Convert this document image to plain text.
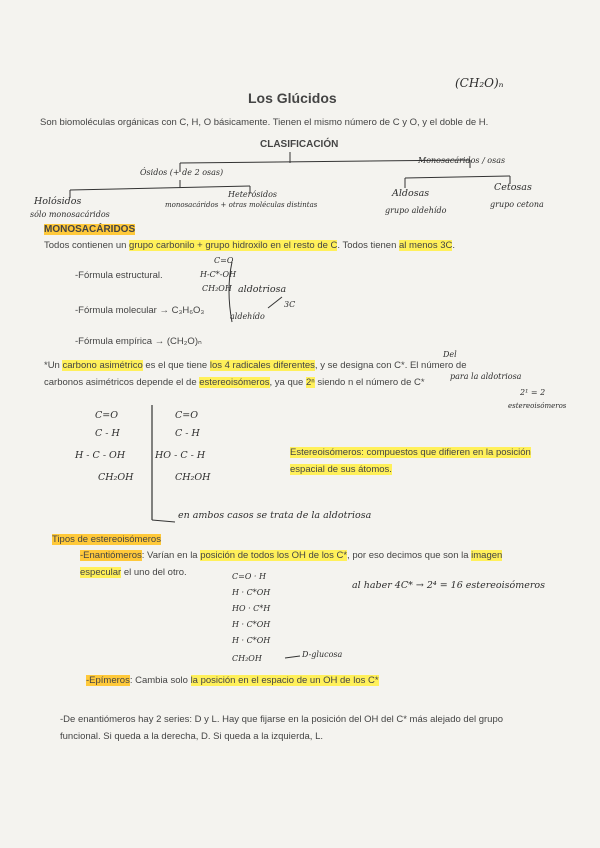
Los Glúcidos
(CH₂O)ₙ
Son biomoléculas orgánicas con C, H, O básicamente. Tienen el mismo número de C y O, y el doble de H.
CLASIFICACIÓN
Ósidos (+ de 2 osas)
Monosacáridos / osas
Holósidos
sólo monosacáridos
Heterósidos
monosacáridos + otras moléculas distintas
Aldosas
grupo aldehído
Cetosas
grupo cetona
MONOSACÁRIDOS
Todos contienen un grupo carbonilo + grupo hidroxilo en el resto de C. Todos tienen al menos 3C.
C=O
-Fórmula estructural.	H-C*-OH
CH₂OH aldotriosa
3C
aldehído
-Fórmula molecular → C₃H₆O₃
-Fórmula empírica → (CH₂O)ₙ
Del
*Un carbono asimétrico es el que tiene los 4 radicales diferentes, y se designa con C*. El número de
carbonos asimétricos depende el de estereoisómeros, ya que 2ⁿ siendo n el número de C*
para la aldotriosa
2¹ = 2
estereoisómeros
C=O
C - H
H - C - OH
CH₂OH
C=O
C - H
HO - C - H
CH₂OH
en ambos casos se trata de la aldotriosa
Estereoisómeros: compuestos que difieren en la posición espacial de sus átomos.
Tipos de estereoisómeros
-Enantiómeros: Varían en la posición de todos los OH de los C*, por eso decimos que son la imagen
especular el uno del otro.	C=O · H
H · C*OH
HO · C*H
H · C*OH
H · C*OH
CH₂OH	D-glucosa
al haber 4C* → 2⁴ = 16 estereoisómeros
-Epímeros: Cambia solo la posición en el espacio de un OH de los C*
-De enantiómeros hay 2 series: D y L. Hay que fijarse en la posición del OH del C* más alejado del grupo
funcional. Si queda a la derecha, D. Si queda a la izquierda, L.
